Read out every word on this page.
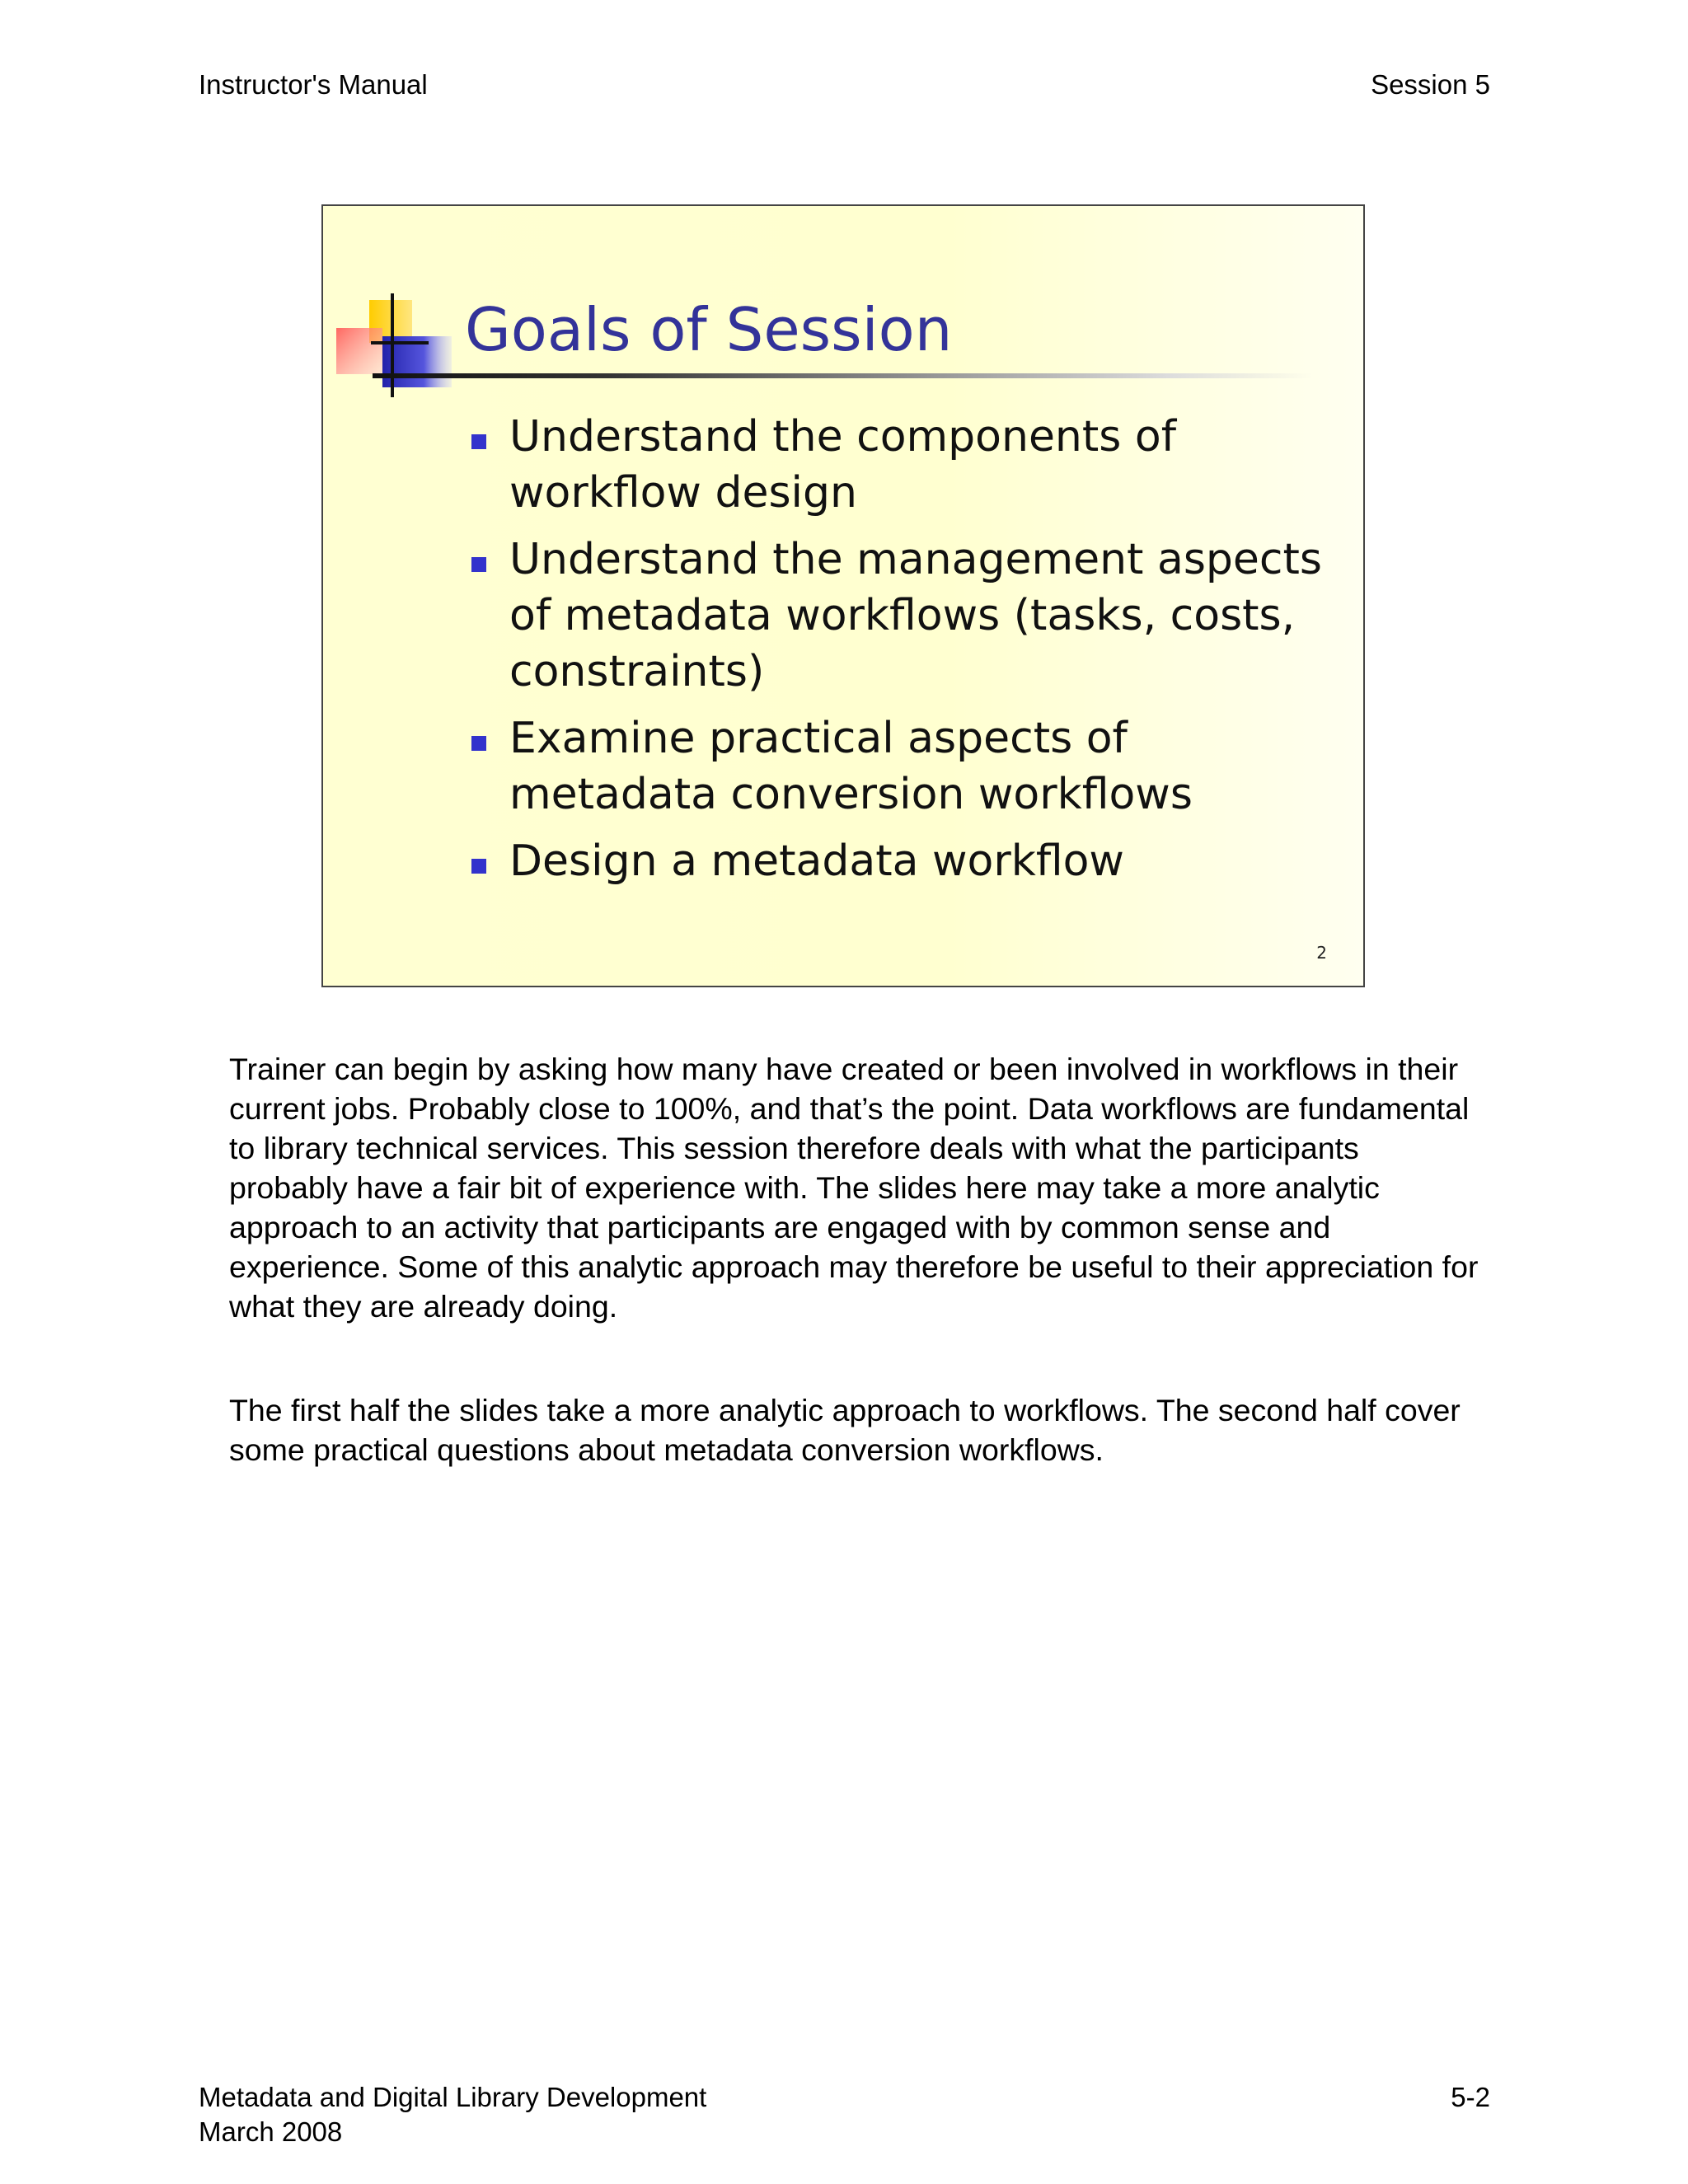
Instructor's Manual	Session 5
Goals of Session
Understand the components of workflow design
Understand the management aspects of metadata workflows (tasks, costs, constraints)
Examine practical aspects of metadata conversion workflows
Design a metadata workflow
2

Trainer can begin by asking how many have created or been involved in workflows in their current jobs. Probably close to 100%, and that’s the point. Data workflows are fundamental to library technical services. This session therefore deals with what the participants probably have a fair bit of experience with. The slides here may take a more analytic approach to an activity that participants are engaged with by common sense and experience. Some of this analytic approach may therefore be useful to their appreciation for what they are already doing.

The first half the slides take a more analytic approach to workflows. The second half cover some practical questions about metadata conversion workflows.

Metadata and Digital Library Development
March 2008
5-2
